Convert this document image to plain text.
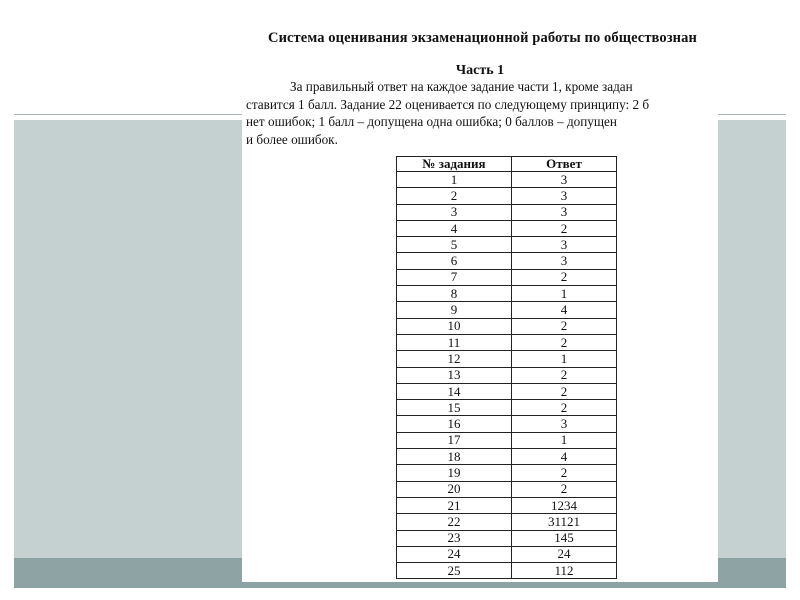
Система оценивания экзаменационной работы по обществознан
Часть 1
За правильный ответ на каждое задание части 1, кроме задан
ставится 1 балл. Задание 22 оценивается по следующему принципу: 2 б
нет ошибок; 1 балл – допущена одна ошибка; 0 баллов – допущен
и более ошибок.
№ задания	Ответ
1	3
2	3
3	3
4	2
5	3
6	3
7	2
8	1
9	4
10	2
11	2
12	1
13	2
14	2
15	2
16	3
17	1
18	4
19	2
20	2
21	1234
22	31121
23	145
24	24
25	112
